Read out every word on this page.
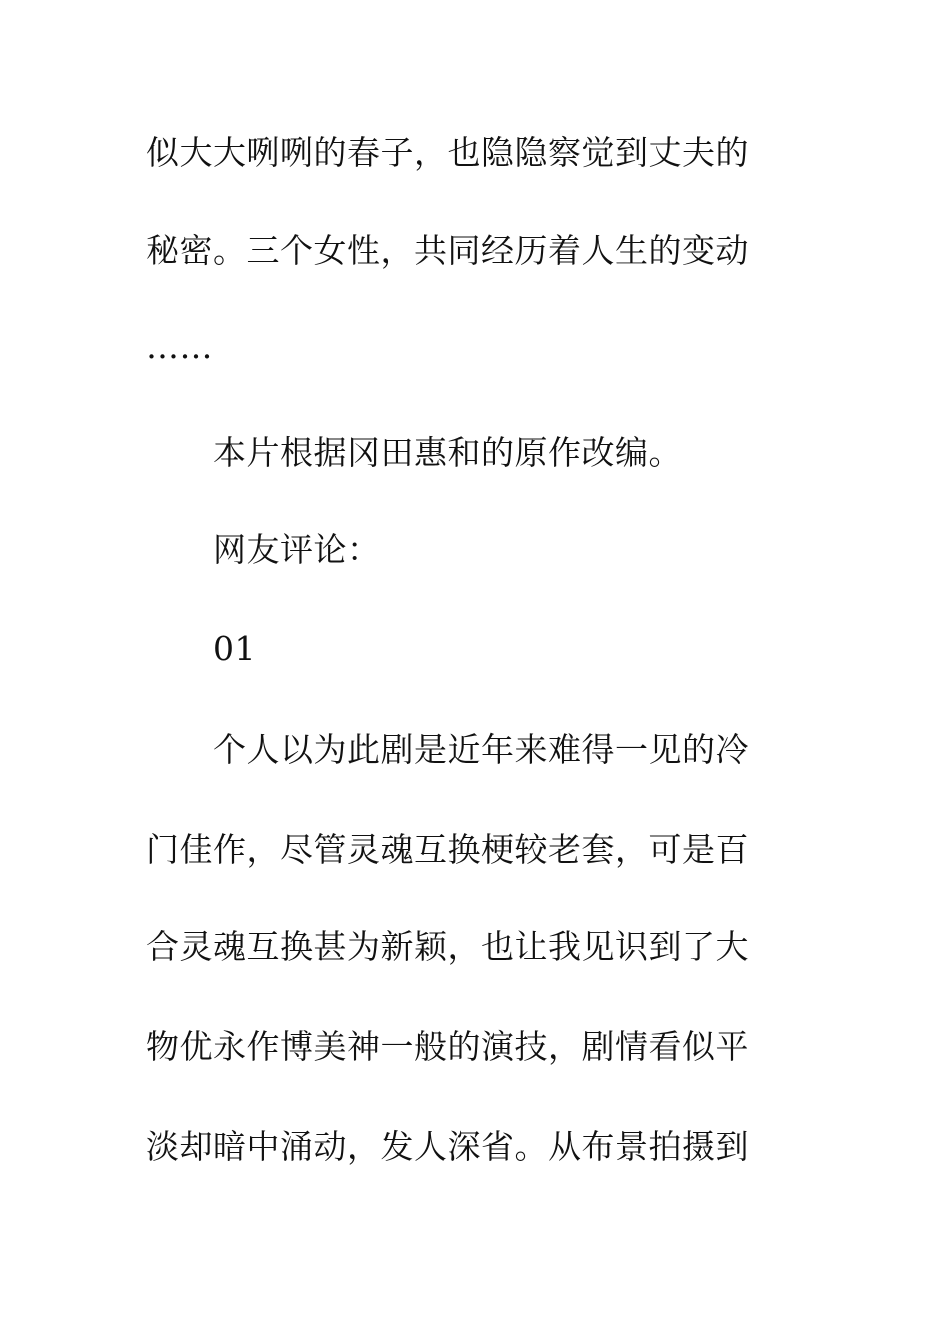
似大大咧咧的春子，也隐隐察觉到丈夫的
秘密。三个女性，共同经历着人生的变动
……
本片根据冈田惠和的原作改编。
网友评论：
01
个人以为此剧是近年来难得一见的冷
门佳作，尽管灵魂互换梗较老套，可是百
合灵魂互换甚为新颖，也让我见识到了大
物优永作博美神一般的演技，剧情看似平
淡却暗中涌动，发人深省。从布景拍摄到
